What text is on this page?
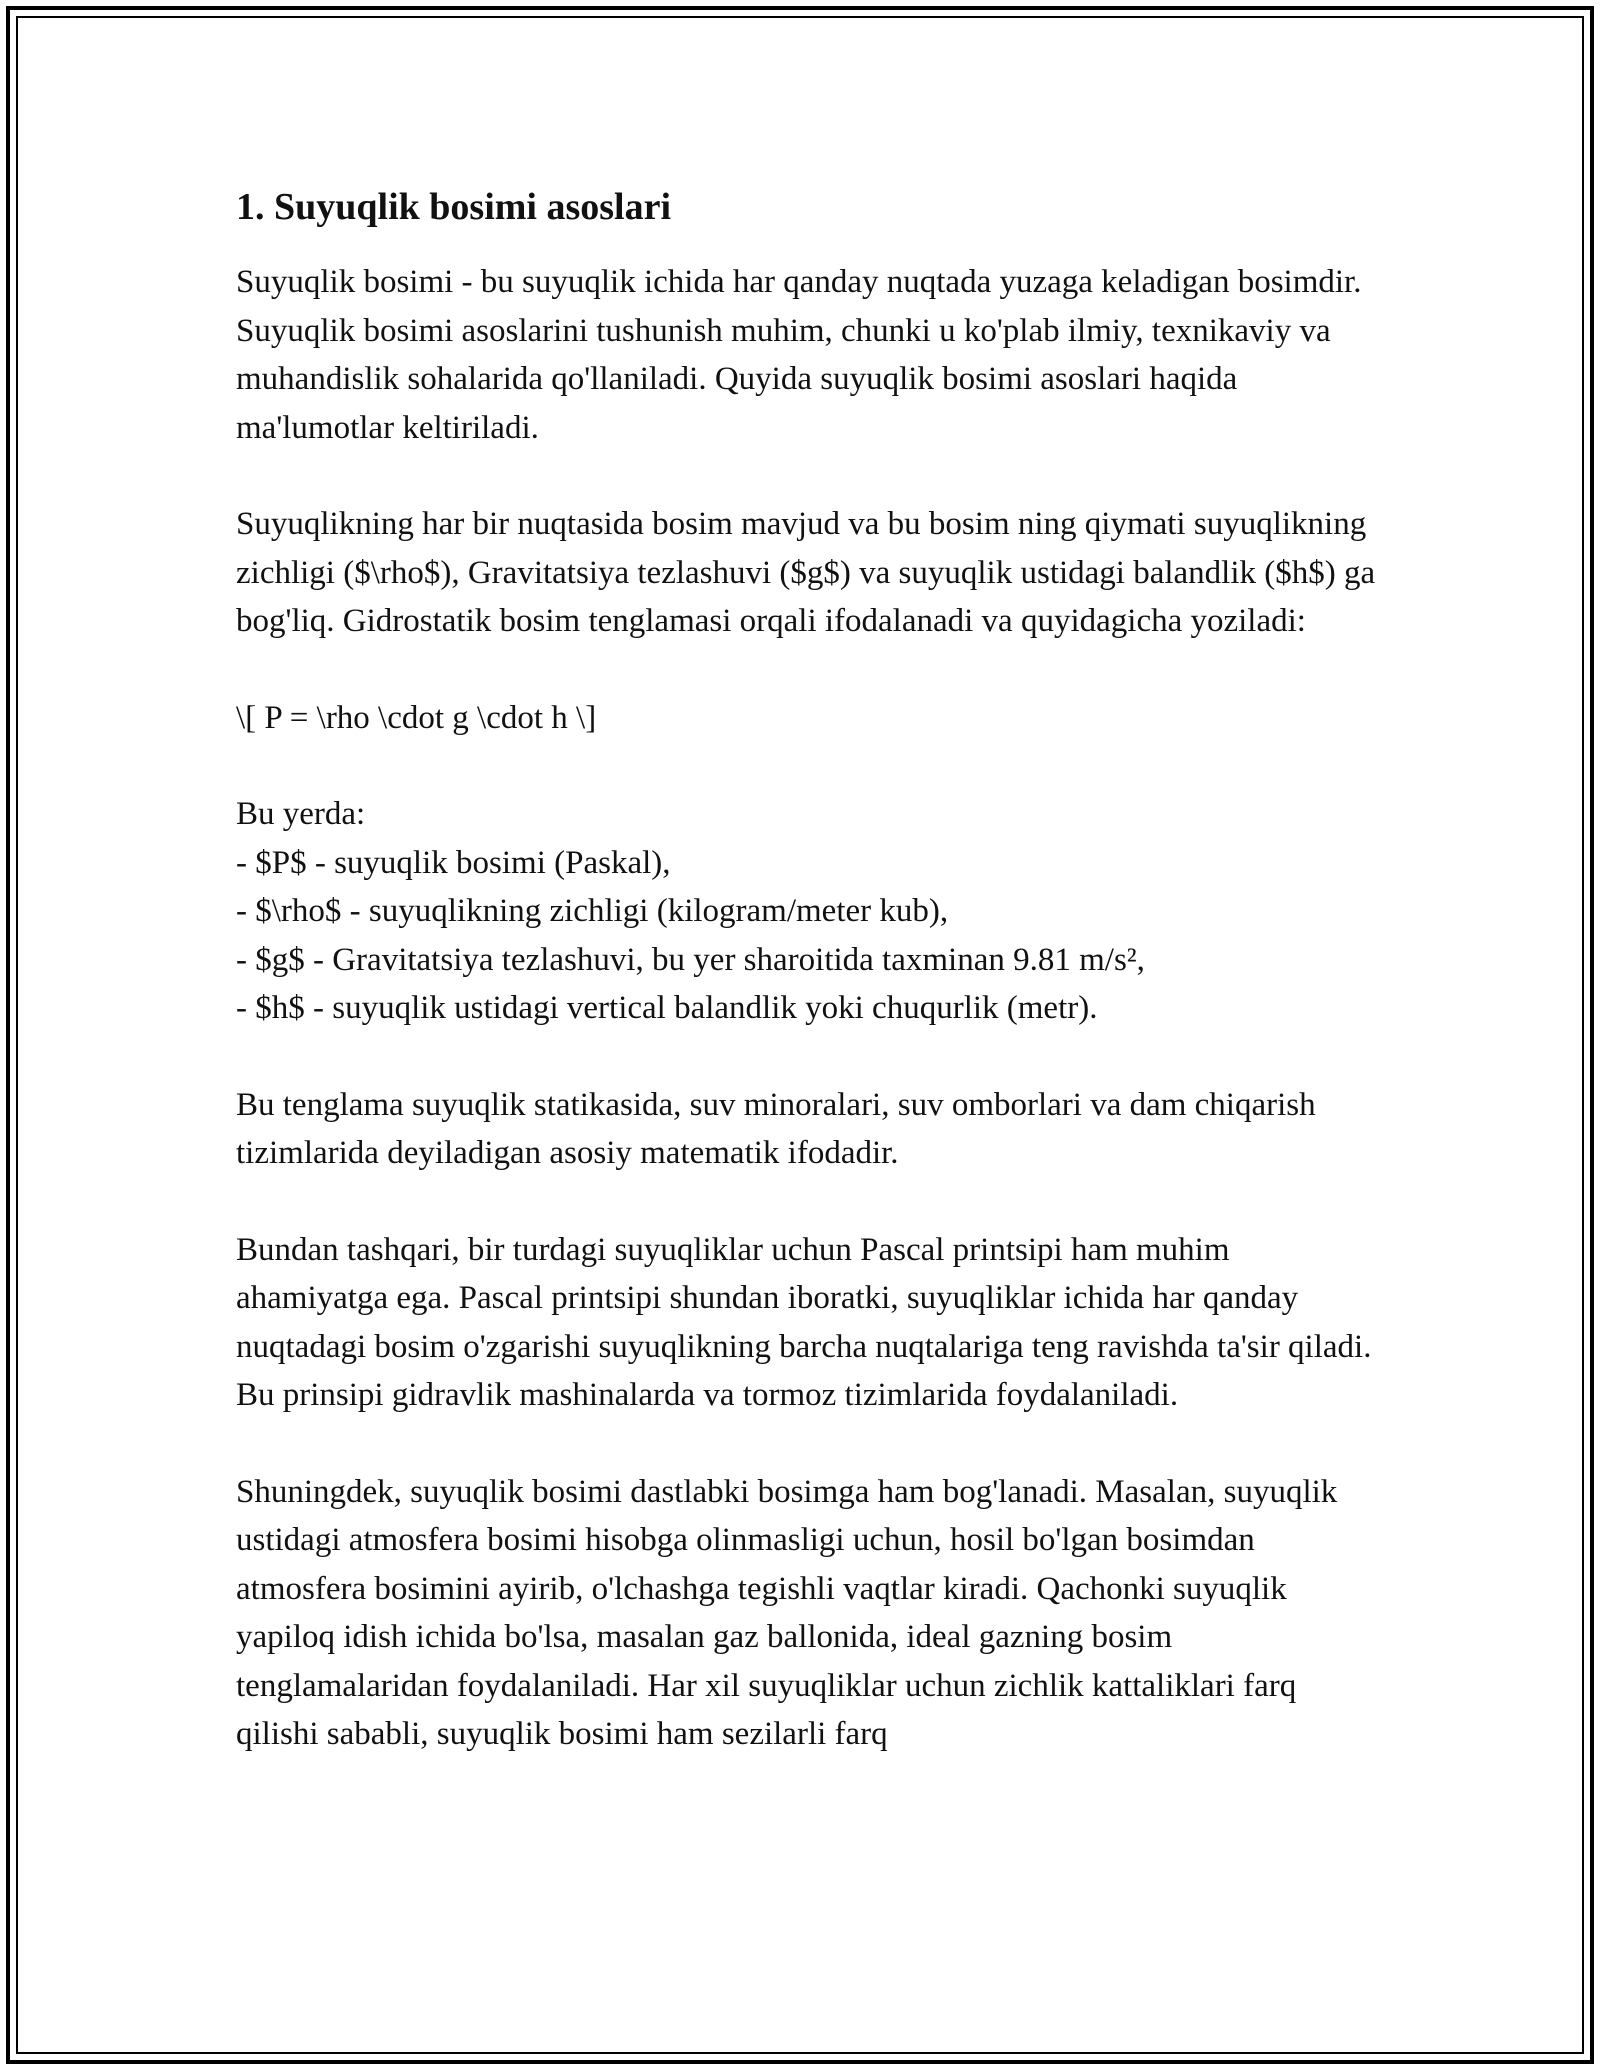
1. Suyuqlik bosimi asoslari

Suyuqlik bosimi - bu suyuqlik ichida har qanday nuqtada yuzaga keladigan bosimdir. Suyuqlik bosimi asoslarini tushunish muhim, chunki u ko'plab ilmiy, texnikaviy va muhandislik sohalarida qo'llaniladi. Quyida suyuqlik bosimi asoslari haqida ma'lumotlar keltiriladi.

Suyuqlikning har bir nuqtasida bosim mavjud va bu bosim ning qiymati suyuqlikning zichligi ($\rho$), Gravitatsiya tezlashuvi ($g$) va suyuqlik ustidagi balandlik ($h$) ga bog'liq. Gidrostatik bosim tenglamasi orqali ifodalanadi va quyidagicha yoziladi:

\[ P = \rho \cdot g \cdot h \]

Bu yerda:
- $P$ - suyuqlik bosimi (Paskal),
- $\rho$ - suyuqlikning zichligi (kilogram/meter kub),
- $g$ - Gravitatsiya tezlashuvi, bu yer sharoitida taxminan 9.81 m/s²,
- $h$ - suyuqlik ustidagi vertical balandlik yoki chuqurlik (metr).

Bu tenglama suyuqlik statikasida, suv minoralari, suv omborlari va dam chiqarish tizimlarida deyiladigan asosiy matematik ifodadir.

Bundan tashqari, bir turdagi suyuqliklar uchun Pascal printsipi ham muhim ahamiyatga ega. Pascal printsipi shundan iboratki, suyuqliklar ichida har qanday nuqtadagi bosim o'zgarishi suyuqlikning barcha nuqtalariga teng ravishda ta'sir qiladi. Bu prinsipi gidravlik mashinalarda va tormoz tizimlarida foydalaniladi.

Shuningdek, suyuqlik bosimi dastlabki bosimga ham bog'lanadi. Masalan, suyuqlik ustidagi atmosfera bosimi hisobga olinmasligi uchun, hosil bo'lgan bosimdan atmosfera bosimini ayirib, o'lchashga tegishli vaqtlar kiradi. Qachonki suyuqlik yapiloq idish ichida bo'lsa, masalan gaz ballonida, ideal gazning bosim tenglamalaridan foydalaniladi. Har xil suyuqliklar uchun zichlik kattaliklari farq qilishi sababli, suyuqlik bosimi ham sezilarli farq
